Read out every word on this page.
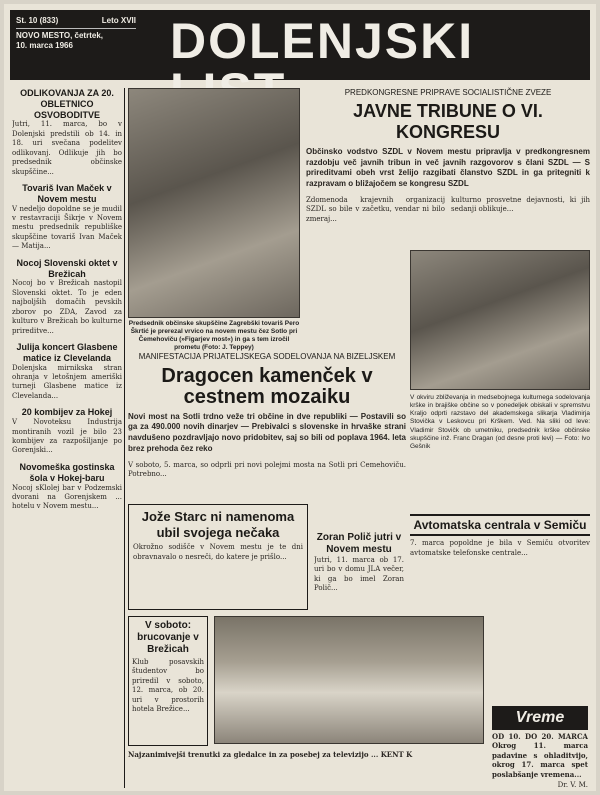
St. 10 (833)	Leto XVII
NOVO MESTO, četrtek,
10. marca 1966	DOLENJSKI
ODLIKOVANJA ZA 20. OBLETNICO OSVOBODITVE
Jutri, 11. marca, bo v Dolenjski predstili ob 14. in 18. uri svečana podelitev odlikovanj. Odlikuje jih bo predsednik občinske skupščine...
Tovariš Ivan Maček v Novem mestu
V nedeljo dopoldne se je mudil v restavraciji Šikrje v Novem mestu predsednik republiške skupščine tovariš Ivan Maček — Matija...
Nocoj Slovenski oktet v Brežicah
Nocoj bo v Brežicah nastopil Slovenski oktet. To je eden najboljših domačih pevskih zborov po ZDA, Zavod za kulturo v Brežicah bo kulturne prireditve...
Julija koncert Glasbene matice iz Clevelanda
Dolenjska mirnikska stran ohranja v letošnjem ameriški turneji Glasbene matice iz Clevelanda...
20 kombijev za Hokej
V Novoteksu Industrija montiranih vozil je bilo 23 kombijev za razpošiljanje po Gorenjski...
Novomeška gostinska šola v Hokej-baru
Nocoj sKlolej bar v Podzemski dvorani na Gorenjskem ... hotelu v Novem mestu...
Predsednik občinske skupščine Zagrebški tovariš Pero Škrtić je prerezal vrvico na novem mestu čez Sotlo pri Čemehoviču (»Figarjev most«) in ga s tem izročil prometu (Foto: J. Teppey)
PREDKONGRESNE PRIPRAVE SOCIALISTIČNE ZVEZE
JAVNE TRIBUNE O VI. KONGRESU
Občinsko vodstvo SZDL v Novem mestu pripravlja v predkongresnem razdobju več javnih tribun in več javnih razgovorov s člani SZDL — S prireditvami obeh vrst želijo razgibati članstvo SZDL in ga pritegniti k razpravam o bližajočem se kongresu SZDL
Zdomenoda krajevnih organizacij SZDL so bile v začetku, vendar ni bilo zmeraj...
kulturno prosvetne dejavnosti, ki jih sedanji oblikuje...
V okviru zbliževanja in medsebojnega kulturnega sodelovanja krške in brajiške občine so v ponedeljek obiskali v spremstvu Kraljo odprti razstavo del akademskega slikarja Vladimirja Stovička v Leskovcu pri Krškem. Ved. Na sliki od leve: Vladimir Stovičk ob umetniku, predsednik krške občinske skupščine inž. Franc Dragan (od desne proti levi) — Foto: Ivo Gešnik
MANIFESTACIJA PRIJATELJSKEGA SODELOVANJA NA BIZELJSKEM
Dragocen kamenček v cestnem mozaiku
Novi most na Sotli trdno veže tri občine in dve republiki — Postavili so ga za 490.000 novih dinarjev — Prebivalci s slovenske in hrvaške strani navdušeno pozdravljajo novo pridobitev, saj so bili od poplava 1964. leta brez prehoda čez reko
V soboto, 5. marca, so odprli pri novi polejmi mosta na Sotli pri Čemehoviču. Potrebno...
Jože Starc ni namenoma ubil svojega nečaka
Okrožno sodišče v Novem mestu je te dni obravnavalo o nesreči, do katere je prišlo...
Zoran Polič jutri v Novem mestu
Jutri, 11. marca ob 17. uri bo v domu JLA večer, ki ga bo imel Zoran Polič...
Avtomatska centrala v Semiču
7. marca popoldne je bila v Semiču otvoritev avtomatske telefonske centrale...
V soboto: brucovanje v Brežicah
Klub posavskih študentov bo priredil v soboto, 12. marca, ob 20. uri v prostorih hotela Brežice...
Najzanimivejši trenutki za gledalce in za posebej za televizijo ... KENT K
Vreme
OD 10. DO 20. MARCA Okrog 11. marca padavine s ohladitvijo, okrog 17. marca spet poslabšanje vremena...
Dr. V. M.
